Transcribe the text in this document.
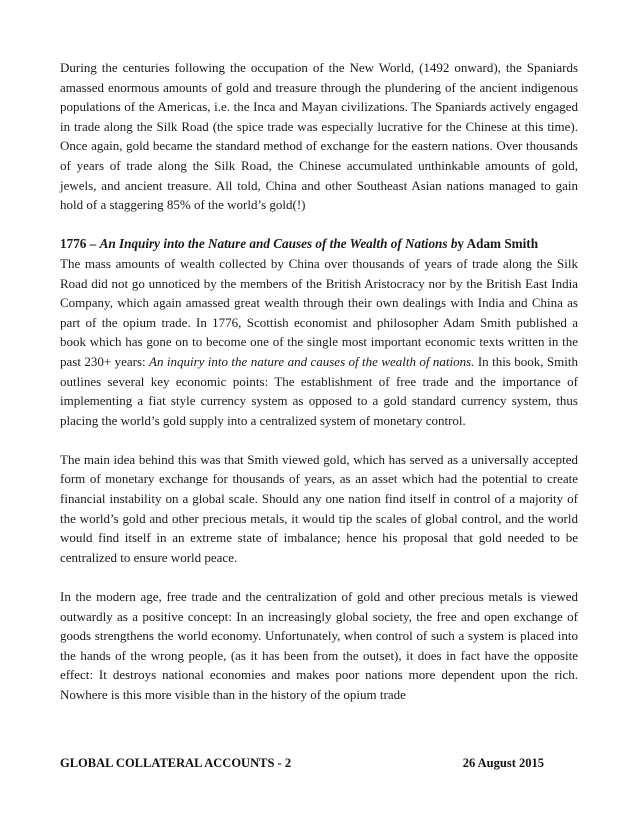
During the centuries following the occupation of the New World, (1492 onward), the Spaniards amassed enormous amounts of gold and treasure through the plundering of the ancient indigenous populations of the Americas, i.e. the Inca and Mayan civilizations. The Spaniards actively engaged in trade along the Silk Road (the spice trade was especially lucrative for the Chinese at this time). Once again, gold became the standard method of exchange for the eastern nations. Over thousands of years of trade along the Silk Road, the Chinese accumulated unthinkable amounts of gold, jewels, and ancient treasure. All told, China and other Southeast Asian nations managed to gain hold of a staggering 85% of the world’s gold(!)

1776 – An Inquiry into the Nature and Causes of the Wealth of Nations by Adam Smith

The mass amounts of wealth collected by China over thousands of years of trade along the Silk Road did not go unnoticed by the members of the British Aristocracy nor by the British East India Company, which again amassed great wealth through their own dealings with India and China as part of the opium trade. In 1776, Scottish economist and philosopher Adam Smith published a book which has gone on to become one of the single most important economic texts written in the past 230+ years: An inquiry into the nature and causes of the wealth of nations. In this book, Smith outlines several key economic points: The establishment of free trade and the importance of implementing a fiat style currency system as opposed to a gold standard currency system, thus placing the world’s gold supply into a centralized system of monetary control.

The main idea behind this was that Smith viewed gold, which has served as a universally accepted form of monetary exchange for thousands of years, as an asset which had the potential to create financial instability on a global scale. Should any one nation find itself in control of a majority of the world’s gold and other precious metals, it would tip the scales of global control, and the world would find itself in an extreme state of imbalance; hence his proposal that gold needed to be centralized to ensure world peace.

In the modern age, free trade and the centralization of gold and other precious metals is viewed outwardly as a positive concept: In an increasingly global society, the free and open exchange of goods strengthens the world economy. Unfortunately, when control of such a system is placed into the hands of the wrong people, (as it has been from the outset), it does in fact have the opposite effect: It destroys national economies and makes poor nations more dependent upon the rich. Nowhere is this more visible than in the history of the opium trade

GLOBAL COLLATERAL ACCOUNTS - 2	26 August 2015
